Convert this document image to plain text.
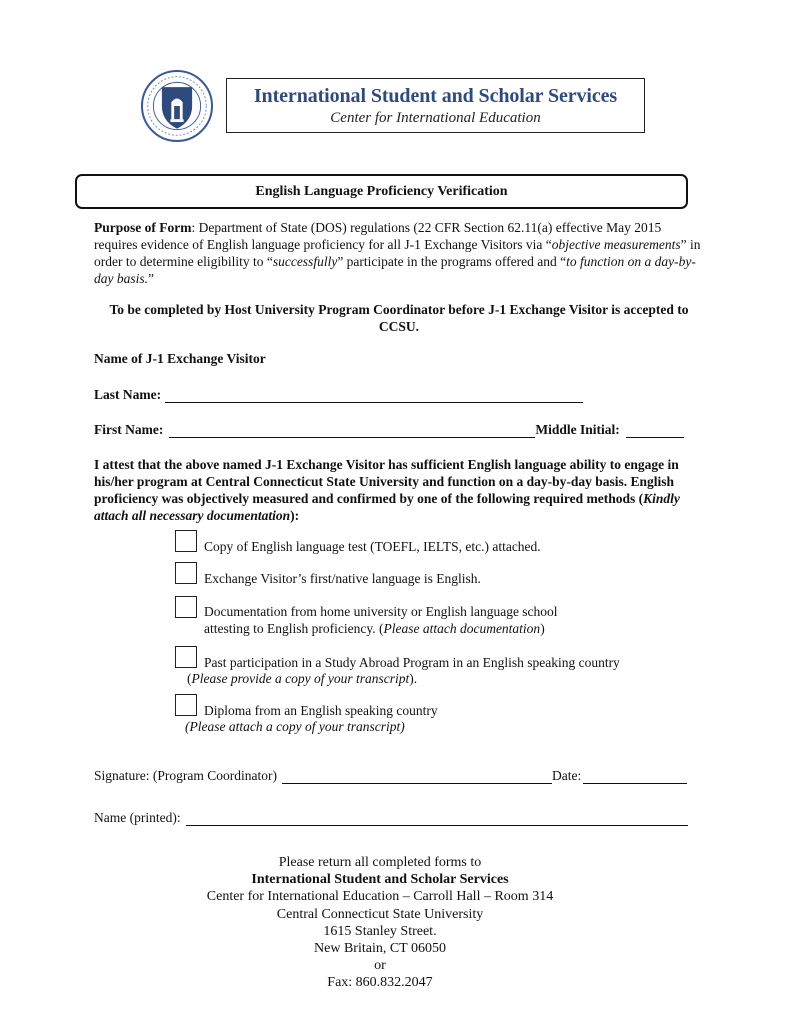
International Student and Scholar Services
Center for International Education
English Language Proficiency Verification
Purpose of Form: Department of State (DOS) regulations (22 CFR Section 62.11(a) effective May 2015 requires evidence of English language proficiency for all J-1 Exchange Visitors via “objective measurements” in order to determine eligibility to “successfully” participate in the programs offered and “to function on a day-by-day basis.”
To be completed by Host University Program Coordinator before J-1 Exchange Visitor is accepted to CCSU.
Name of J-1 Exchange Visitor
Last Name:
First Name:	Middle Initial:
I attest that the above named J-1 Exchange Visitor has sufficient English language ability to engage in his/her program at Central Connecticut State University and function on a day-by-day basis. English proficiency was objectively measured and confirmed by one of the following required methods (Kindly attach all necessary documentation):
Copy of English language test (TOEFL, IELTS, etc.) attached.
Exchange Visitor’s first/native language is English.
Documentation from home university or English language school
attesting to English proficiency. (Please attach documentation)
Past participation in a Study Abroad Program in an English speaking country
(Please provide a copy of your transcript).
Diploma from an English speaking country
(Please attach a copy of your transcript)
Signature: (Program Coordinator)	Date:
Name (printed):
Please return all completed forms to
International Student and Scholar Services
Center for International Education – Carroll Hall – Room 314
Central Connecticut State University
1615 Stanley Street.
New Britain, CT 06050
or
Fax: 860.832.2047
